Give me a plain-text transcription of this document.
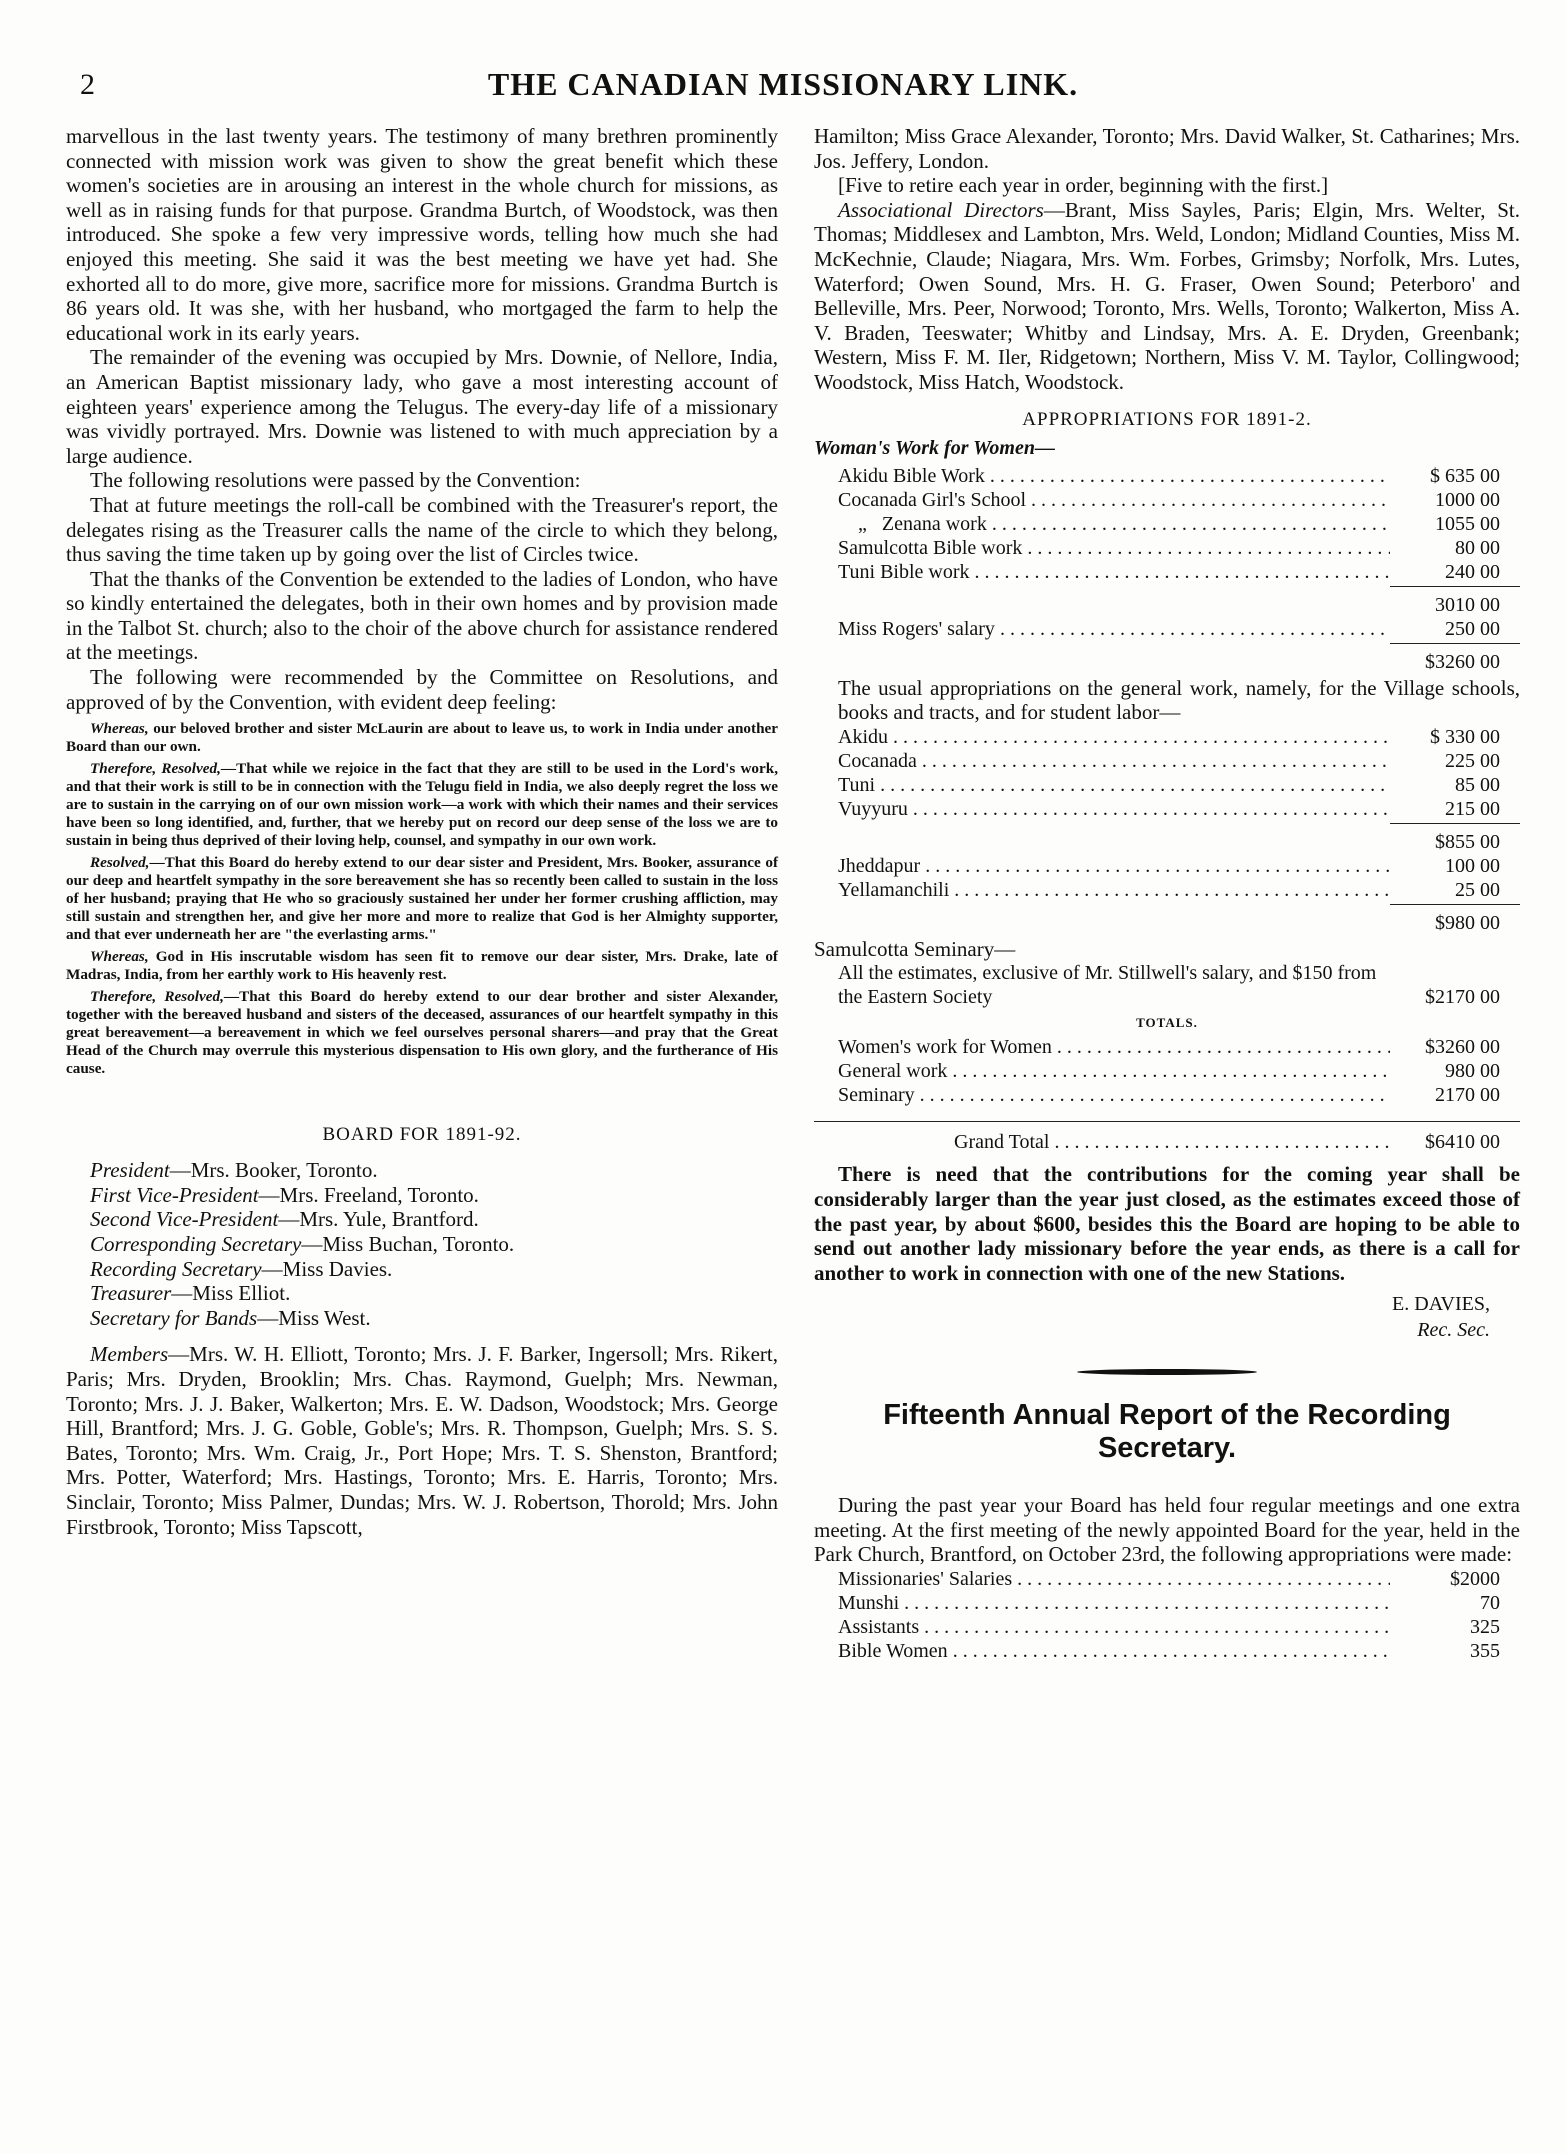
2	THE CANADIAN MISSIONARY LINK.

marvellous in the last twenty years. The testimony of many brethren prominently connected with mission work was given to show the great benefit which these women's societies are in arousing an interest in the whole church for missions, as well as in raising funds for that purpose. Grandma Burtch, of Woodstock, was then introduced. She spoke a few very impressive words, telling how much she had enjoyed this meeting. She said it was the best meeting we have yet had. She exhorted all to do more, give more, sacrifice more for missions. Grandma Burtch is 86 years old. It was she, with her husband, who mortgaged the farm to help the educational work in its early years.

The remainder of the evening was occupied by Mrs. Downie, of Nellore, India, an American Baptist missionary lady, who gave a most interesting account of eighteen years' experience among the Telugus. The every-day life of a missionary was vividly portrayed. Mrs. Downie was listened to with much appreciation by a large audience.

The following resolutions were passed by the Convention:

That at future meetings the roll-call be combined with the Treasurer's report, the delegates rising as the Treasurer calls the name of the circle to which they belong, thus saving the time taken up by going over the list of Circles twice.

That the thanks of the Convention be extended to the ladies of London, who have so kindly entertained the delegates, both in their own homes and by provision made in the Talbot St. church; also to the choir of the above church for assistance rendered at the meetings.

The following were recommended by the Committee on Resolutions, and approved of by the Convention, with evident deep feeling:

Whereas, our beloved brother and sister McLaurin are about to leave us, to work in India under another Board than our own.

Therefore, Resolved,—That while we rejoice in the fact that they are still to be used in the Lord's work, and that their work is still to be in connection with the Telugu field in India, we also deeply regret the loss we are to sustain in the carrying on of our own mission work—a work with which their names and their services have been so long identified, and, further, that we hereby put on record our deep sense of the loss we are to sustain in being thus deprived of their loving help, counsel, and sympathy in our own work.

Resolved,—That this Board do hereby extend to our dear sister and President, Mrs. Booker, assurance of our deep and heartfelt sympathy in the sore bereavement she has so recently been called to sustain in the loss of her husband; praying that He who so graciously sustained her under her former crushing affliction, may still sustain and strengthen her, and give her more and more to realize that God is her Almighty supporter, and that ever underneath her are "the everlasting arms."

Whereas, God in His inscrutable wisdom has seen fit to remove our dear sister, Mrs. Drake, late of Madras, India, from her earthly work to His heavenly rest.

Therefore, Resolved,—That this Board do hereby extend to our dear brother and sister Alexander, together with the bereaved husband and sisters of the deceased, assurances of our heartfelt sympathy in this great bereavement—a bereavement in which we feel ourselves personal sharers—and pray that the Great Head of the Church may overrule this mysterious dispensation to His own glory, and the furtherance of His cause.

BOARD FOR 1891-92.
President—Mrs. Booker, Toronto.
First Vice-President—Mrs. Freeland, Toronto.
Second Vice-President—Mrs. Yule, Brantford.
Corresponding Secretary—Miss Buchan, Toronto.
Recording Secretary—Miss Davies.
Treasurer—Miss Elliot.
Secretary for Bands—Miss West.

Members—Mrs. W. H. Elliott, Toronto; Mrs. J. F. Barker, Ingersoll; Mrs. Rikert, Paris; Mrs. Dryden, Brooklin; Mrs. Chas. Raymond, Guelph; Mrs. Newman, Toronto; Mrs. J. J. Baker, Walkerton; Mrs. E. W. Dadson, Woodstock; Mrs. George Hill, Brantford; Mrs. J. G. Goble, Goble's; Mrs. R. Thompson, Guelph; Mrs. S. S. Bates, Toronto; Mrs. Wm. Craig, Jr., Port Hope; Mrs. T. S. Shenston, Brantford; Mrs. Potter, Waterford; Mrs. Hastings, Toronto; Mrs. E. Harris, Toronto; Mrs. Sinclair, Toronto; Miss Palmer, Dundas; Mrs. W. J. Robertson, Thorold; Mrs. John Firstbrook, Toronto; Miss Tapscott,

Hamilton; Miss Grace Alexander, Toronto; Mrs. David Walker, St. Catharines; Mrs. Jos. Jeffery, London.

[Five to retire each year in order, beginning with the first.]

Associational Directors—Brant, Miss Sayles, Paris; Elgin, Mrs. Welter, St. Thomas; Middlesex and Lambton, Mrs. Weld, London; Midland Counties, Miss M. McKechnie, Claude; Niagara, Mrs. Wm. Forbes, Grimsby; Norfolk, Mrs. Lutes, Waterford; Owen Sound, Mrs. H. G. Fraser, Owen Sound; Peterboro' and Belleville, Mrs. Peer, Norwood; Toronto, Mrs. Wells, Toronto; Walkerton, Miss A. V. Braden, Teeswater; Whitby and Lindsay, Mrs. A. E. Dryden, Greenbank; Western, Miss F. M. Iler, Ridgetown; Northern, Miss V. M. Taylor, Collingwood; Woodstock, Miss Hatch, Woodstock.

APPROPRIATIONS FOR 1891-2.
Woman's Work for Women—
Akidu Bible Work . . .	$ 635 00
Cocanada Girl's School . . .	1000 00
„   Zenana work . . .	1055 00
Samulcotta Bible work . . .	80 00
Tuni Bible work . . .	240 00
3010 00
Miss Rogers' salary . . .	250 00
$3260 00

The usual appropriations on the general work, namely, for the Village schools, books and tracts, and for student labor—

Akidu . . .	$ 330 00
Cocanada . . .	225 00
Tuni . . .	85 00
Vuyyuru . . .	215 00
$855 00
Jheddapur . . .	100 00
Yellamanchili . . .	25 00
$980 00
Samulcotta Seminary—
All the estimates, exclusive of Mr. Stillwell's salary, and $150 from the Eastern Society	$2170 00
TOTALS.
Women's work for Women . . .	$3260 00
General work . . .	980 00
Seminary . . .	2170 00
Grand Total . . .	$6410 00

There is need that the contributions for the coming year shall be considerably larger than the year just closed, as the estimates exceed those of the past year, by about $600, besides this the Board are hoping to be able to send out another lady missionary before the year ends, as there is a call for another to work in connection with one of the new Stations.

E. DAVIES,
Rec. Sec.
Fifteenth Annual Report of the Recording Secretary.

During the past year your Board has held four regular meetings and one extra meeting. At the first meeting of the newly appointed Board for the year, held in the Park Church, Brantford, on October 23rd, the following appropriations were made:

Missionaries' Salaries . . .	$2000
Munshi . . .	70
Assistants . . .	325
Bible Women . . .	355
